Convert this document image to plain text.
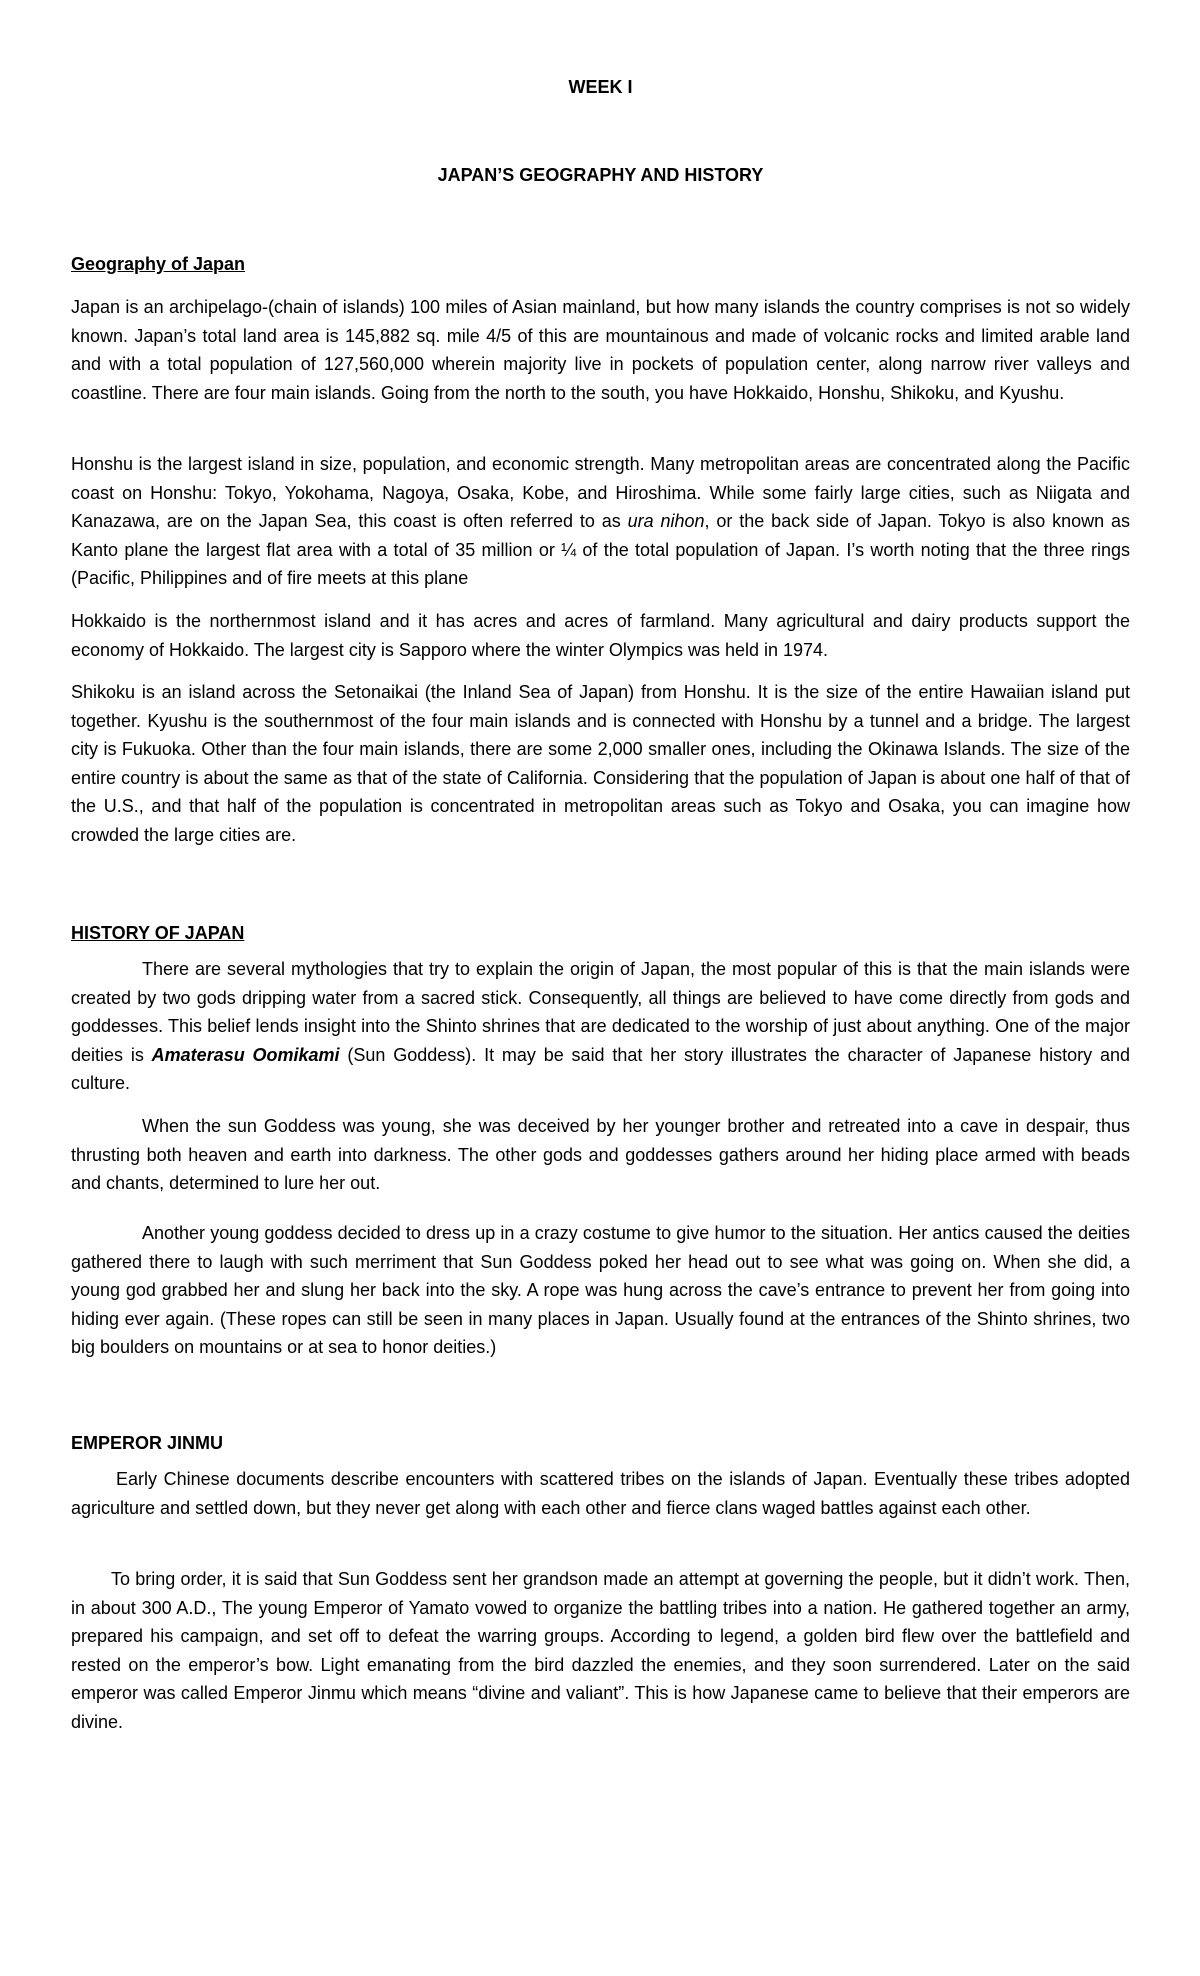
WEEK I
JAPAN’S GEOGRAPHY AND HISTORY
Geography of Japan

Japan is an archipelago-(chain of islands) 100 miles of Asian mainland, but how many islands the country comprises is not so widely known. Japan’s total land area is 145,882 sq. mile 4/5 of this are mountainous and made of volcanic rocks and limited arable land and with a total population of 127,560,000 wherein majority live in pockets of population center, along narrow river valleys and coastline. There are four main islands. Going from the north to the south, you have Hokkaido, Honshu, Shikoku, and Kyushu.

Honshu is the largest island in size, population, and economic strength. Many metropolitan areas are concentrated along the Pacific coast on Honshu: Tokyo, Yokohama, Nagoya, Osaka, Kobe, and Hiroshima. While some fairly large cities, such as Niigata and Kanazawa, are on the Japan Sea, this coast is often referred to as ura nihon, or the back side of Japan. Tokyo is also known as Kanto plane the largest flat area with a total of 35 million or ¼ of the total population of Japan. I’s worth noting that the three rings (Pacific, Philippines and of fire meets at this plane

Hokkaido is the northernmost island and it has acres and acres of farmland. Many agricultural and dairy products support the economy of Hokkaido. The largest city is Sapporo where the winter Olympics was held in 1974.

Shikoku is an island across the Setonaikai (the Inland Sea of Japan) from Honshu. It is the size of the entire Hawaiian island put together. Kyushu is the southernmost of the four main islands and is connected with Honshu by a tunnel and a bridge. The largest city is Fukuoka. Other than the four main islands, there are some 2,000 smaller ones, including the Okinawa Islands. The size of the entire country is about the same as that of the state of California. Considering that the population of Japan is about one half of that of the U.S., and that half of the population is concentrated in metropolitan areas such as Tokyo and Osaka, you can imagine how crowded the large cities are.

HISTORY OF JAPAN

There are several mythologies that try to explain the origin of Japan, the most popular of this is that the main islands were created by two gods dripping water from a sacred stick. Consequently, all things are believed to have come directly from gods and goddesses. This belief lends insight into the Shinto shrines that are dedicated to the worship of just about anything. One of the major deities is Amaterasu Oomikami (Sun Goddess). It may be said that her story illustrates the character of Japanese history and culture.

When the sun Goddess was young, she was deceived by her younger brother and retreated into a cave in despair, thus thrusting both heaven and earth into darkness. The other gods and goddesses gathers around her hiding place armed with beads and chants, determined to lure her out.

Another young goddess decided to dress up in a crazy costume to give humor to the situation. Her antics caused the deities gathered there to laugh with such merriment that Sun Goddess poked her head out to see what was going on. When she did, a young god grabbed her and slung her back into the sky. A rope was hung across the cave’s entrance to prevent her from going into hiding ever again. (These ropes can still be seen in many places in Japan. Usually found at the entrances of the Shinto shrines, two big boulders on mountains or at sea to honor deities.)

EMPEROR JINMU

Early Chinese documents describe encounters with scattered tribes on the islands of Japan. Eventually these tribes adopted agriculture and settled down, but they never get along with each other and fierce clans waged battles against each other.

To bring order, it is said that Sun Goddess sent her grandson made an attempt at governing the people, but it didn’t work. Then, in about 300 A.D., The young Emperor of Yamato vowed to organize the battling tribes into a nation. He gathered together an army, prepared his campaign, and set off to defeat the warring groups. According to legend, a golden bird flew over the battlefield and rested on the emperor’s bow. Light emanating from the bird dazzled the enemies, and they soon surrendered. Later on the said emperor was called Emperor Jinmu which means “divine and valiant”. This is how Japanese came to believe that their emperors are divine.
